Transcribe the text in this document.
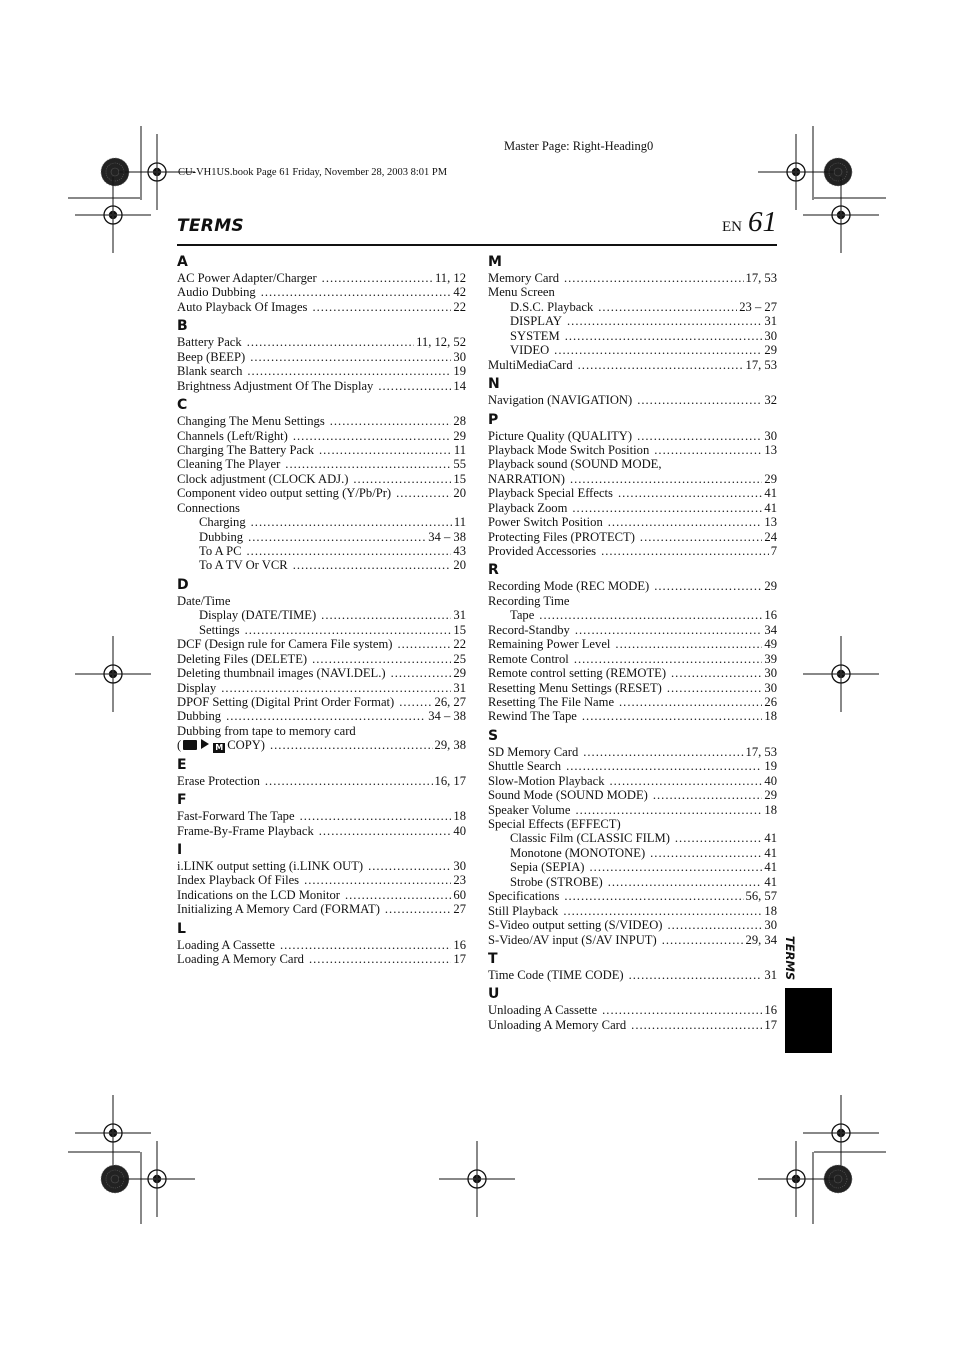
Master Page: Right-Heading0
CU-VH1US.book Page 61 Friday, November 28, 2003 8:01 PM
TERMS	EN 61
A
AC Power Adapter/Charger .....	11, 12
Audio Dubbing .....	42
Auto Playback Of Images .....	22
B
Battery Pack .....	11, 12, 52
Beep (BEEP) .....	30
Blank search .....	19
Brightness Adjustment Of The Display .....	14
C
Changing The Menu Settings .....	28
Channels (Left/Right) .....	29
Charging The Battery Pack .....	11
Cleaning The Player .....	55
Clock adjustment (CLOCK ADJ.) .....	15
Component video output setting (Y/Pb/Pr) .....	20
Connections
Charging .....	11
Dubbing .....	34 – 38
To A PC .....	43
To A TV Or VCR .....	20
D
Date/Time
Display (DATE/TIME) .....	31
Settings .....	15
DCF (Design rule for Camera File system) .....	22
Deleting Files (DELETE) .....	25
Deleting thumbnail images (NAVI.DEL.) .....	29
Display .....	31
DPOF Setting (Digital Print Order Format) .....	26, 27
Dubbing .....	34 – 38
Dubbing from tape to memory card
(	M COPY) .....	29, 38
E
Erase Protection .....	16, 17
F
Fast-Forward The Tape .....	18
Frame-By-Frame Playback .....	40
I
i.LINK output setting (i.LINK OUT) .....	30
Index Playback Of Files .....	23
Indications on the LCD Monitor .....	60
Initializing A Memory Card (FORMAT) .....	27
L
Loading A Cassette .....	16
Loading A Memory Card .....	17
M
Memory Card .....	17, 53
Menu Screen
D.S.C. Playback .....	23 – 27
DISPLAY .....	31
SYSTEM .....	30
VIDEO .....	29
MultiMediaCard .....	17, 53
N
Navigation (NAVIGATION) .....	32
P
Picture Quality (QUALITY) .....	30
Playback Mode Switch Position .....	13
Playback sound (SOUND MODE,
NARRATION) .....	29
Playback Special Effects .....	41
Playback Zoom .....	41
Power Switch Position .....	13
Protecting Files (PROTECT) .....	24
Provided Accessories .....	7
R
Recording Mode (REC MODE) .....	29
Recording Time
Tape .....	16
Record-Standby .....	34
Remaining Power Level .....	49
Remote Control .....	39
Remote control setting (REMOTE) .....	30
Resetting Menu Settings (RESET) .....	30
Resetting The File Name .....	26
Rewind The Tape .....	18
S
SD Memory Card .....	17, 53
Shuttle Search .....	19
Slow-Motion Playback .....	40
Sound Mode (SOUND MODE) .....	29
Speaker Volume .....	18
Special Effects (EFFECT)
Classic Film (CLASSIC FILM) .....	41
Monotone (MONOTONE) .....	41
Sepia (SEPIA) .....	41
Strobe (STROBE) .....	41
Specifications .....	56, 57
Still Playback .....	18
S-Video output setting (S/VIDEO) .....	30
S-Video/AV input (S/AV INPUT) .....	29, 34
T
Time Code (TIME CODE) .....	31
U
Unloading A Cassette .....	16
Unloading A Memory Card .....	17
TERMS
